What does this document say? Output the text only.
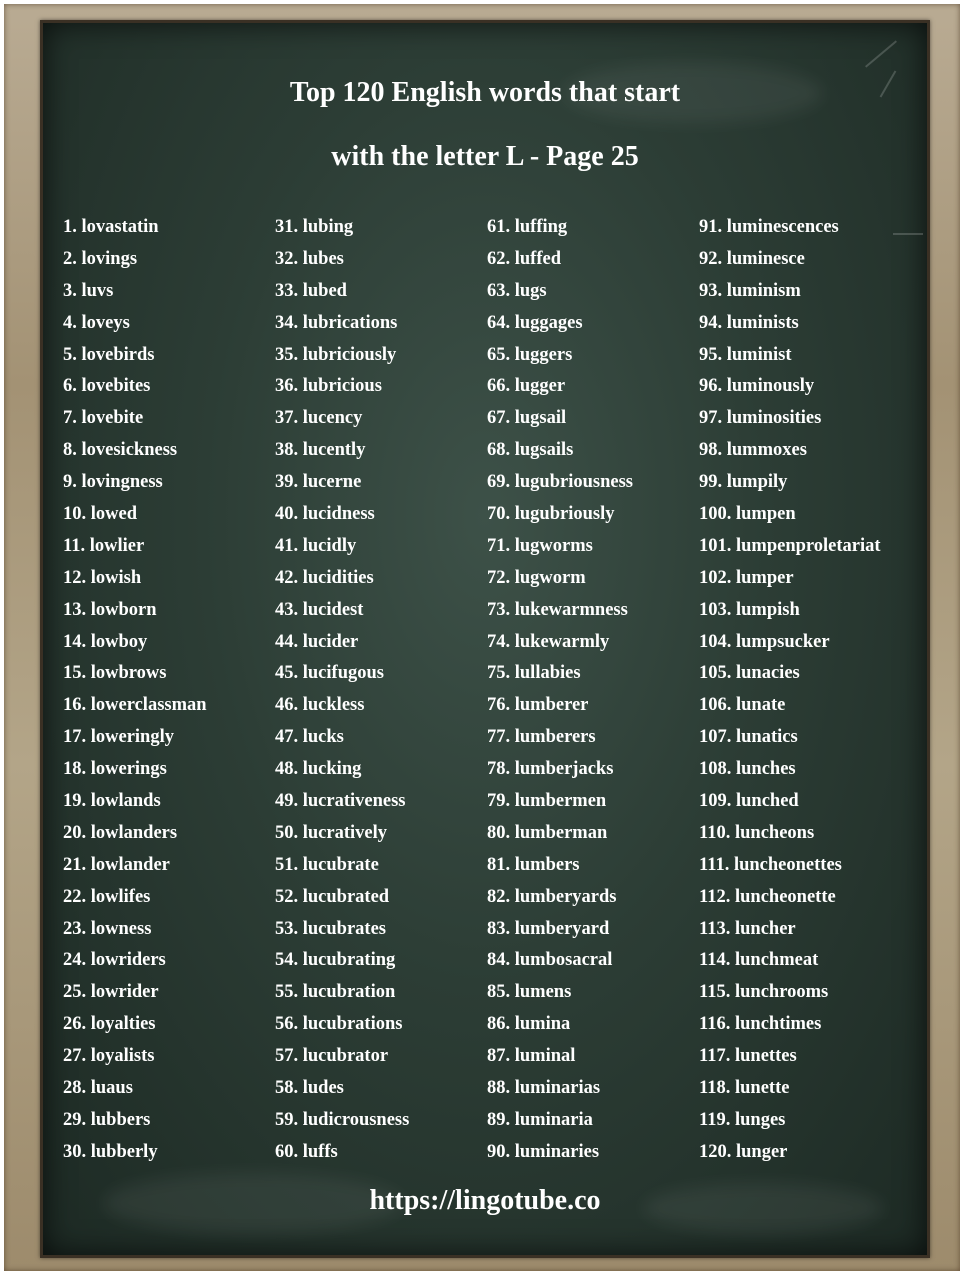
Top 120 English words that start
with the letter L - Page 25
1. lovastatin
2. lovings
3. luvs
4. loveys
5. lovebirds
6. lovebites
7. lovebite
8. lovesickness
9. lovingness
10. lowed
11. lowlier
12. lowish
13. lowborn
14. lowboy
15. lowbrows
16. lowerclassman
17. loweringly
18. lowerings
19. lowlands
20. lowlanders
21. lowlander
22. lowlifes
23. lowness
24. lowriders
25. lowrider
26. loyalties
27. loyalists
28. luaus
29. lubbers
30. lubberly
31. lubing
32. lubes
33. lubed
34. lubrications
35. lubriciously
36. lubricious
37. lucency
38. lucently
39. lucerne
40. lucidness
41. lucidly
42. lucidities
43. lucidest
44. lucider
45. lucifugous
46. luckless
47. lucks
48. lucking
49. lucrativeness
50. lucratively
51. lucubrate
52. lucubrated
53. lucubrates
54. lucubrating
55. lucubration
56. lucubrations
57. lucubrator
58. ludes
59. ludicrousness
60. luffs
61. luffing
62. luffed
63. lugs
64. luggages
65. luggers
66. lugger
67. lugsail
68. lugsails
69. lugubriousness
70. lugubriously
71. lugworms
72. lugworm
73. lukewarmness
74. lukewarmly
75. lullabies
76. lumberer
77. lumberers
78. lumberjacks
79. lumbermen
80. lumberman
81. lumbers
82. lumberyards
83. lumberyard
84. lumbosacral
85. lumens
86. lumina
87. luminal
88. luminarias
89. luminaria
90. luminaries
91. luminescences
92. luminesce
93. luminism
94. luminists
95. luminist
96. luminously
97. luminosities
98. lummoxes
99. lumpily
100. lumpen
101. lumpenproletariat
102. lumper
103. lumpish
104. lumpsucker
105. lunacies
106. lunate
107. lunatics
108. lunches
109. lunched
110. luncheons
111. luncheonettes
112. luncheonette
113. luncher
114. lunchmeat
115. lunchrooms
116. lunchtimes
117. lunettes
118. lunette
119. lunges
120. lunger
https://lingotube.co
